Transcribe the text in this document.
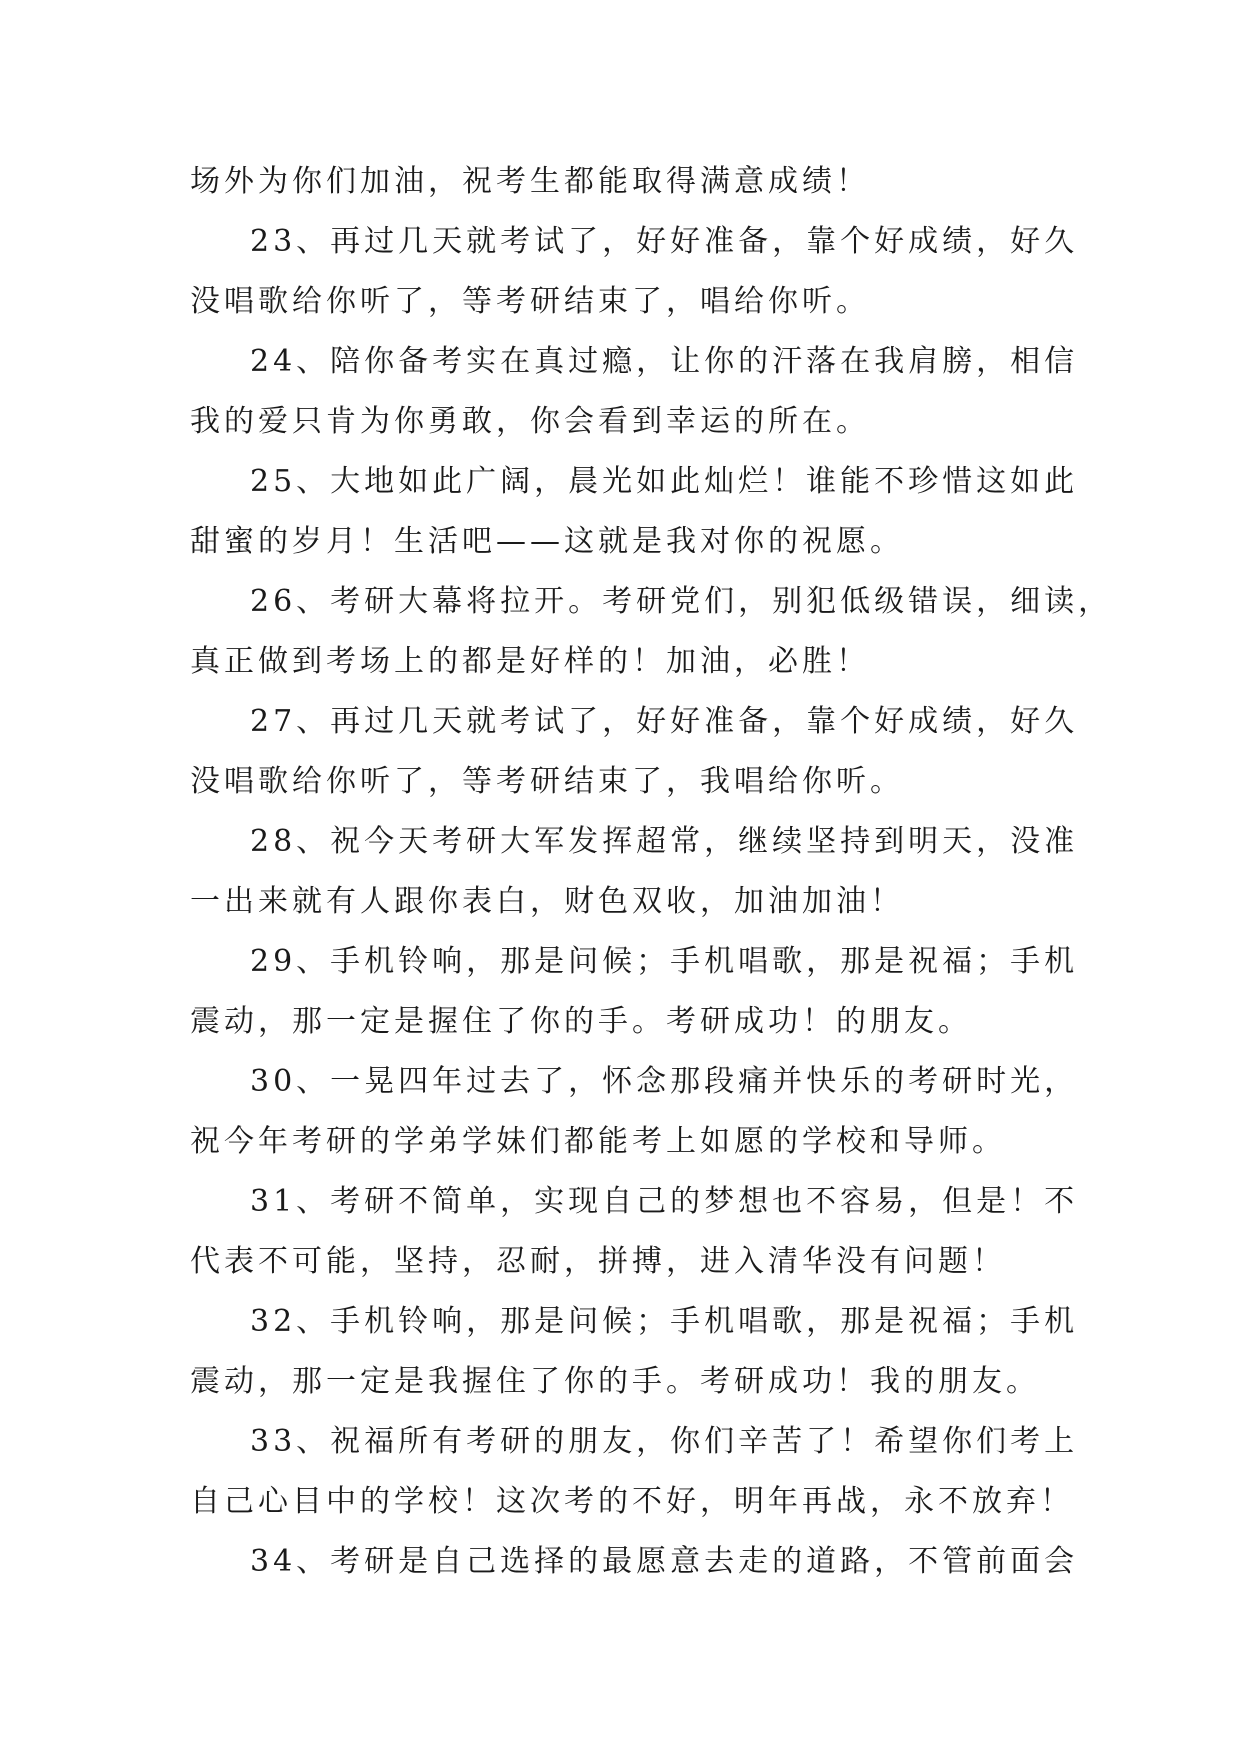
场外为你们加油，祝考生都能取得满意成绩！
23、再过几天就考试了，好好准备，靠个好成绩，好久
没唱歌给你听了，等考研结束了，唱给你听。
24、陪你备考实在真过瘾，让你的汗落在我肩膀，相信
我的爱只肯为你勇敢，你会看到幸运的所在。
25、大地如此广阔，晨光如此灿烂！谁能不珍惜这如此
甜蜜的岁月！生活吧——这就是我对你的祝愿。
26、考研大幕将拉开。考研党们，别犯低级错误，细读，
真正做到考场上的都是好样的！加油，必胜！
27、再过几天就考试了，好好准备，靠个好成绩，好久
没唱歌给你听了，等考研结束了，我唱给你听。
28、祝今天考研大军发挥超常，继续坚持到明天，没准
一出来就有人跟你表白，财色双收，加油加油！
29、手机铃响，那是问候；手机唱歌，那是祝福；手机
震动，那一定是握住了你的手。考研成功！的朋友。
30、一晃四年过去了，怀念那段痛并快乐的考研时光，
祝今年考研的学弟学妹们都能考上如愿的学校和导师。
31、考研不简单，实现自己的梦想也不容易，但是！不
代表不可能，坚持，忍耐，拼搏，进入清华没有问题！
32、手机铃响，那是问候；手机唱歌，那是祝福；手机
震动，那一定是我握住了你的手。考研成功！我的朋友。
33、祝福所有考研的朋友，你们辛苦了！希望你们考上
自己心目中的学校！这次考的不好，明年再战，永不放弃！
34、考研是自己选择的最愿意去走的道路，不管前面会
